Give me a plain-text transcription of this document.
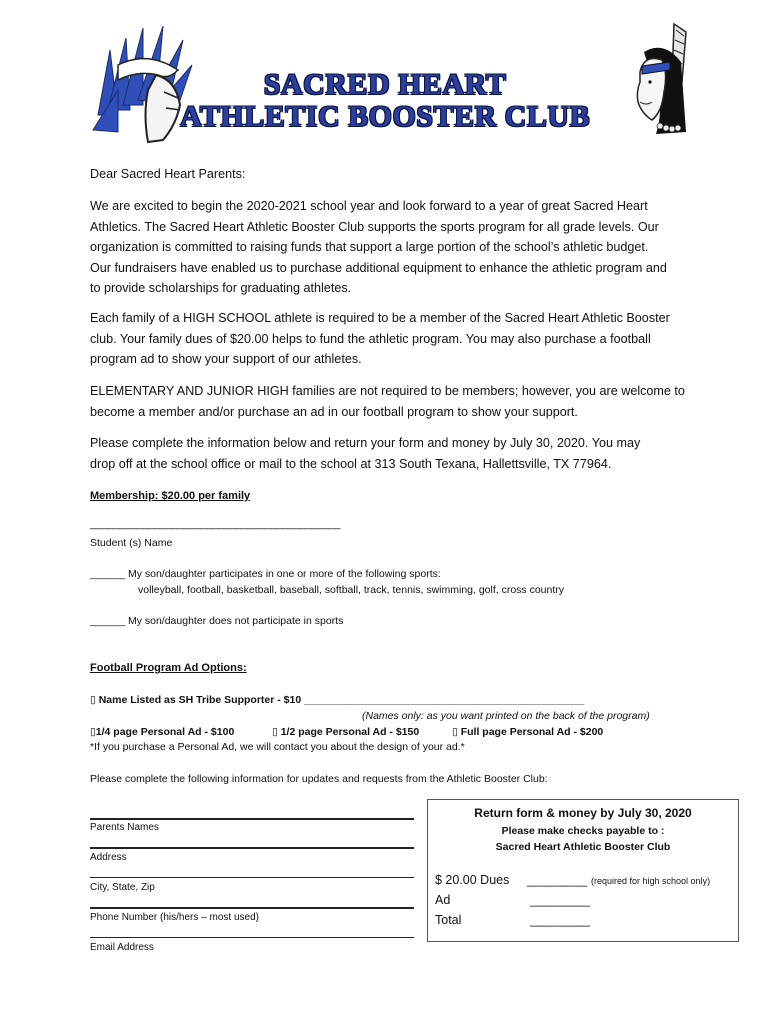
SACRED HEART
ATHLETIC BOOSTER CLUB
Dear Sacred Heart Parents:
We are excited to begin the 2020-2021 school year and look forward to a year of great Sacred Heart
Athletics. The Sacred Heart Athletic Booster Club supports the sports program for all grade levels. Our
organization is committed to raising funds that support a large portion of the school’s athletic budget.
Our fundraisers have enabled us to purchase additional equipment to enhance the athletic program and
to provide scholarships for graduating athletes.
Each family of a HIGH SCHOOL athlete is required to be a member of the Sacred Heart Athletic Booster
club. Your family dues of $20.00 helps to fund the athletic program. You may also purchase a football
program ad to show your support of our athletes.
ELEMENTARY AND JUNIOR HIGH families are not required to be members; however, you are welcome to
become a member and/or purchase an ad in our football program to show your support.
Please complete the information below and return your form and money by July 30, 2020. You may
drop off at the school office or mail to the school at 313 South Texana, Hallettsville, TX 77964.
Membership: $20.00 per family
___________________________________________
Student (s) Name
______ My son/daughter participates in one or more of the following sports:
volleyball, football, basketball, baseball, softball, track, tennis, swimming, golf, cross country
______ My son/daughter does not participate in sports
Football Program Ad Options:
▯ Name Listed as SH Tribe Supporter - $10 ________________________________________________
(Names only: as you want printed on the back of the program)
▯1/4 page Personal Ad - $100	▯ 1/2 page Personal Ad - $150	▯ Full page Personal Ad - $200
*If you purchase a Personal Ad, we will contact you about the design of your ad.*
Please complete the following information for updates and requests from the Athletic Booster Club:
Parents Names
Address
City, State, Zip
Phone Number (his/hers – most used)
Email Address
Return form & money by July 30, 2020
Please make checks payable to :
Sacred Heart Athletic Booster Club
$ 20.00 Dues _________ (required for high school only)
Ad	_________
Total	_________
